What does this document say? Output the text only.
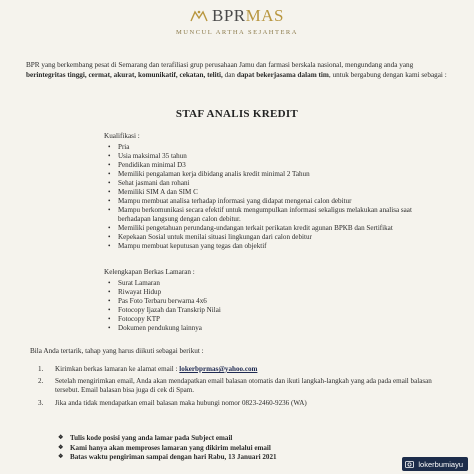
BPRMAS
MUNCUL ARTHA SEJAHTERA

BPR yang berkembang pesat di Semarang dan terafiliasi grup perusahaan Jamu dan farmasi berskala nasional, mengundang anda yang berintegritas tinggi, cermat, akurat, komunikatif, cekatan, teliti, dan dapat bekerjasama dalam tim, untuk bergabung dengan kami sebagai :

STAF ANALIS KREDIT
Kualifikasi :
• Pria
• Usia maksimal 35 tahun
• Pendidikan minimal D3
• Memiliki pengalaman kerja dibidang analis kredit minimal 2 Tahun
• Sehat jasmani dan rohani
• Memiliki SIM A dan SIM C
• Mampu membuat analisa terhadap informasi yang didapat mengenai calon debitur
• Mampu berkomunikasi secara efektif untuk mengumpulkan informasi sekaligus melakukan analisa saat berhadapan langsung dengan calon debitur.
• Memiliki pengetahuan perundang-undangan terkait perikatan kredit agunan BPKB dan Sertifikat
• Kepekaan Sosial untuk menilai situasi lingkungan dari calon debitur
• Mampu membuat keputusan yang tegas dan objektif
Kelengkapan Berkas Lamaran :
• Surat Lamaran
• Riwayat Hidup
• Pas Foto Terbaru berwarna 4x6
• Fotocopy Ijazah dan Transkrip Nilai
• Fotocopy KTP
• Dokumen pendukung lainnya
Bila Anda tertarik, tahap yang harus diikuti sebagai berikut :
1. Kirimkan berkas lamaran ke alamat email : lokerbprmas@yahoo.com
2. Setelah mengirimkan email, Anda akan mendapatkan email balasan otomatis dan ikuti langkah-langkah yang ada pada email balasan tersebut. Email balasan bisa juga di cek di Spam.
3. Jika anda tidak mendapatkan email balasan maka hubungi nomor 0823-2460-9236 (WA)
❖ Tulis kode posisi yang anda lamar pada Subject email
❖ Kami hanya akan memproses lamaran yang dikirim melalui email
❖ Batas waktu pengiriman sampai dengan hari Rabu, 13 Januari 2021
lokerbumiayu
